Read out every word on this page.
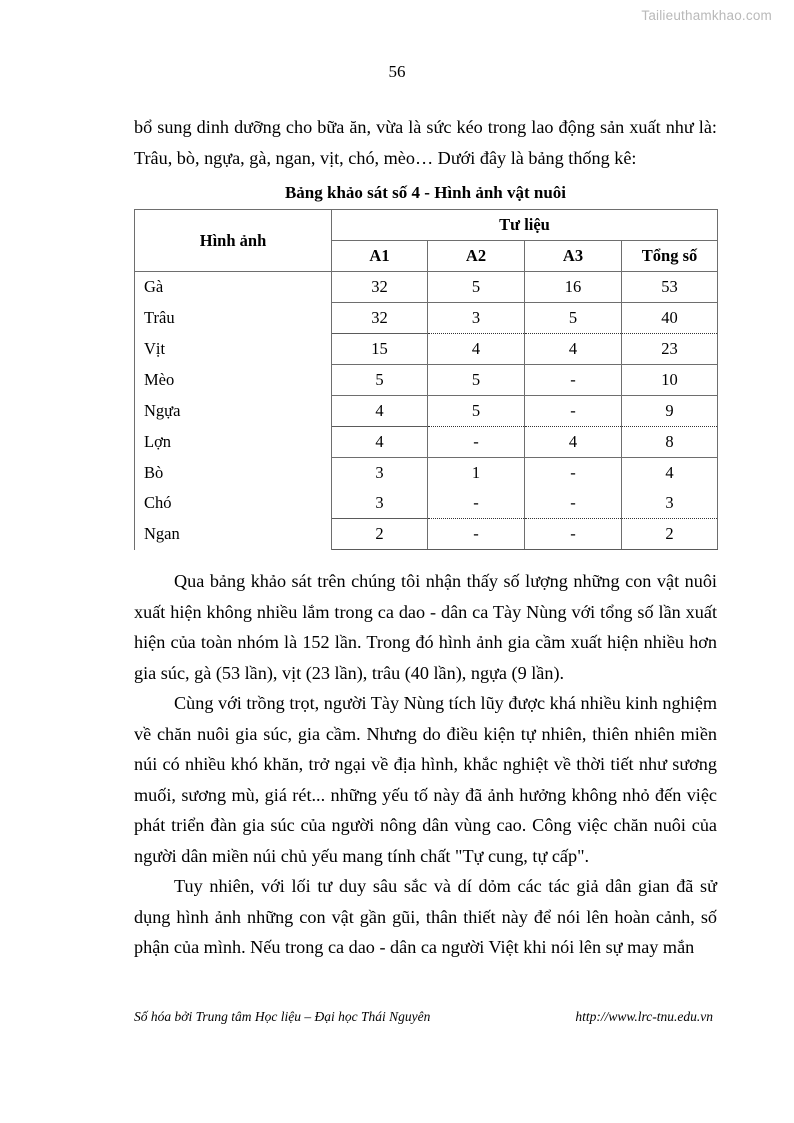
Tailieuthamkhao.com
56

bổ sung dinh dưỡng cho bữa ăn, vừa là sức kéo trong lao động sản xuất như là: Trâu, bò, ngựa, gà, ngan, vịt, chó, mèo… Dưới đây là bảng thống kê:

Bảng khảo sát số 4 - Hình ảnh vật nuôi
Hình ảnh	Tư liệu			
	A1	A2	A3	Tổng số
Gà	32	5	16	53
Trâu	32	3	5	40
Vịt	15	4	4	23
Mèo	5	5	-	10
Ngựa	4	5	-	9
Lợn	4	-	4	8
Bò	3	1	-	4
Chó	3	-	-	3
Ngan	2	-	-	2

Qua bảng khảo sát trên chúng tôi nhận thấy số lượng những con vật nuôi xuất hiện không nhiều lắm trong ca dao - dân ca Tày Nùng với tổng số lần xuất hiện của toàn nhóm là 152 lần. Trong đó hình ảnh gia cầm xuất hiện nhiều hơn gia súc, gà (53 lần), vịt (23 lần), trâu (40 lần), ngựa (9 lần).

Cùng với trồng trọt, người Tày Nùng tích lũy được khá nhiều kinh nghiệm về chăn nuôi gia súc, gia cầm. Nhưng do điều kiện tự nhiên, thiên nhiên miền núi có nhiều khó khăn, trở ngại về địa hình, khắc nghiệt về thời tiết như sương muối, sương mù, giá rét... những yếu tố này đã ảnh hưởng không nhỏ đến việc phát triển đàn gia súc của người nông dân vùng cao. Công việc chăn nuôi của người dân miền núi chủ yếu mang tính chất "Tự cung, tự cấp".

Tuy nhiên, với lối tư duy sâu sắc và dí dỏm các tác giả dân gian đã sử dụng hình ảnh những con vật gần gũi, thân thiết này để nói lên hoàn cảnh, số phận của mình. Nếu trong ca dao - dân ca người Việt khi nói lên sự may mắn

Số hóa bởi Trung tâm Học liệu – Đại học Thái Nguyên	http://www.lrc-tnu.edu.vn
